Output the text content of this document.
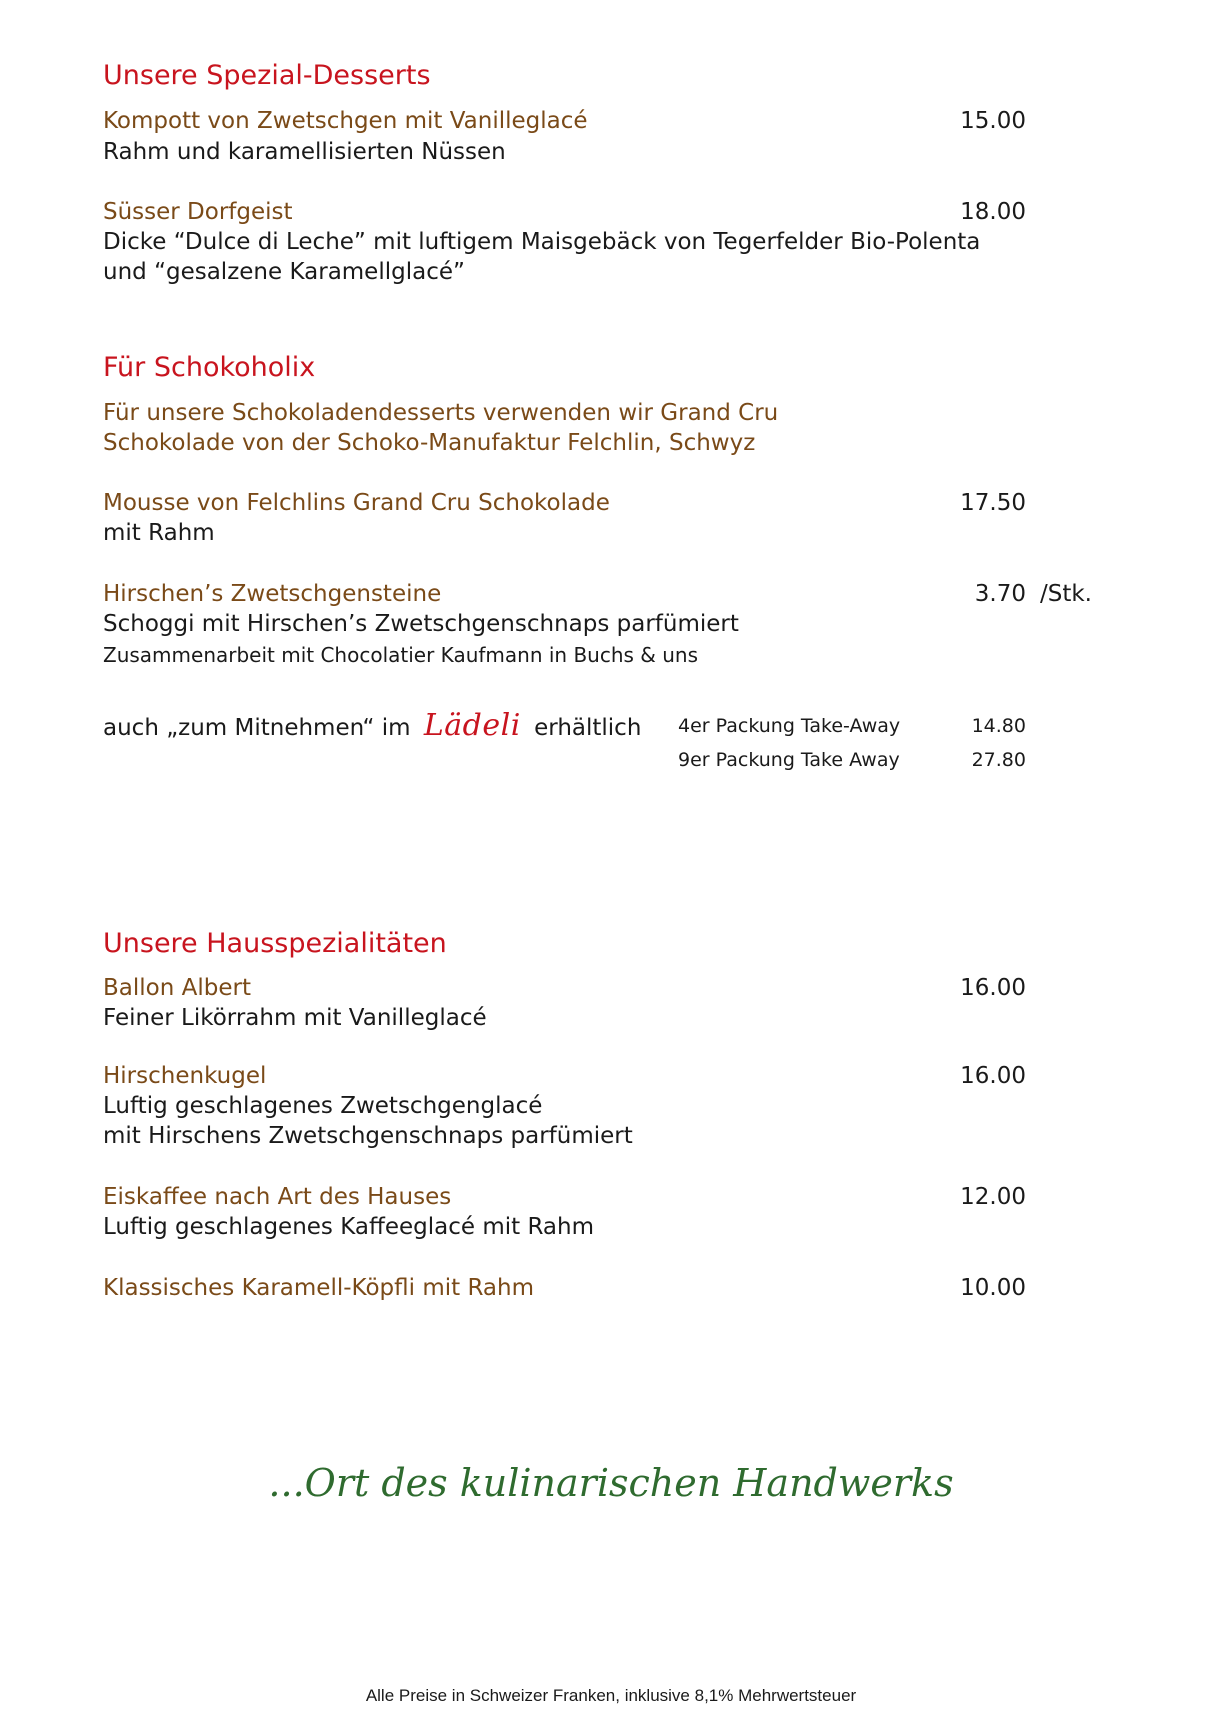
Unsere Spezial-Desserts
Kompott von Zwetschgen mit Vanilleglacé	15.00
Rahm und karamellisierten Nüssen
Süsser Dorfgeist	18.00
Dicke “Dulce di Leche” mit luftigem Maisgebäck von Tegerfelder Bio-Polenta
und “gesalzene Karamellglacé”
Für Schokoholix
Für unsere Schokoladendesserts verwenden wir Grand Cru
Schokolade von der Schoko-Manufaktur Felchlin, Schwyz
Mousse von Felchlins Grand Cru Schokolade	17.50
mit Rahm
Hirschen’s Zwetschgensteine	3.70 /Stk.
Schoggi mit Hirschen’s Zwetschgenschnaps parfümiert
Zusammenarbeit mit Chocolatier Kaufmann in Buchs & uns
auch „zum Mitnehmen“ im Lädeli erhältlich 4er Packung Take-Away	14.80
9er Packung Take Away	27.80
Unsere Hausspezialitäten
Ballon Albert	16.00
Feiner Likörrahm mit Vanilleglacé
Hirschenkugel	16.00
Luftig geschlagenes Zwetschgenglacé
mit Hirschens Zwetschgenschnaps parfümiert
Eiskaffee nach Art des Hauses	12.00
Luftig geschlagenes Kaffeeglacé mit Rahm
Klassisches Karamell-Köpfli mit Rahm	10.00
...Ort des kulinarischen Handwerks
Alle Preise in Schweizer Franken, inklusive 8,1% Mehrwertsteuer
